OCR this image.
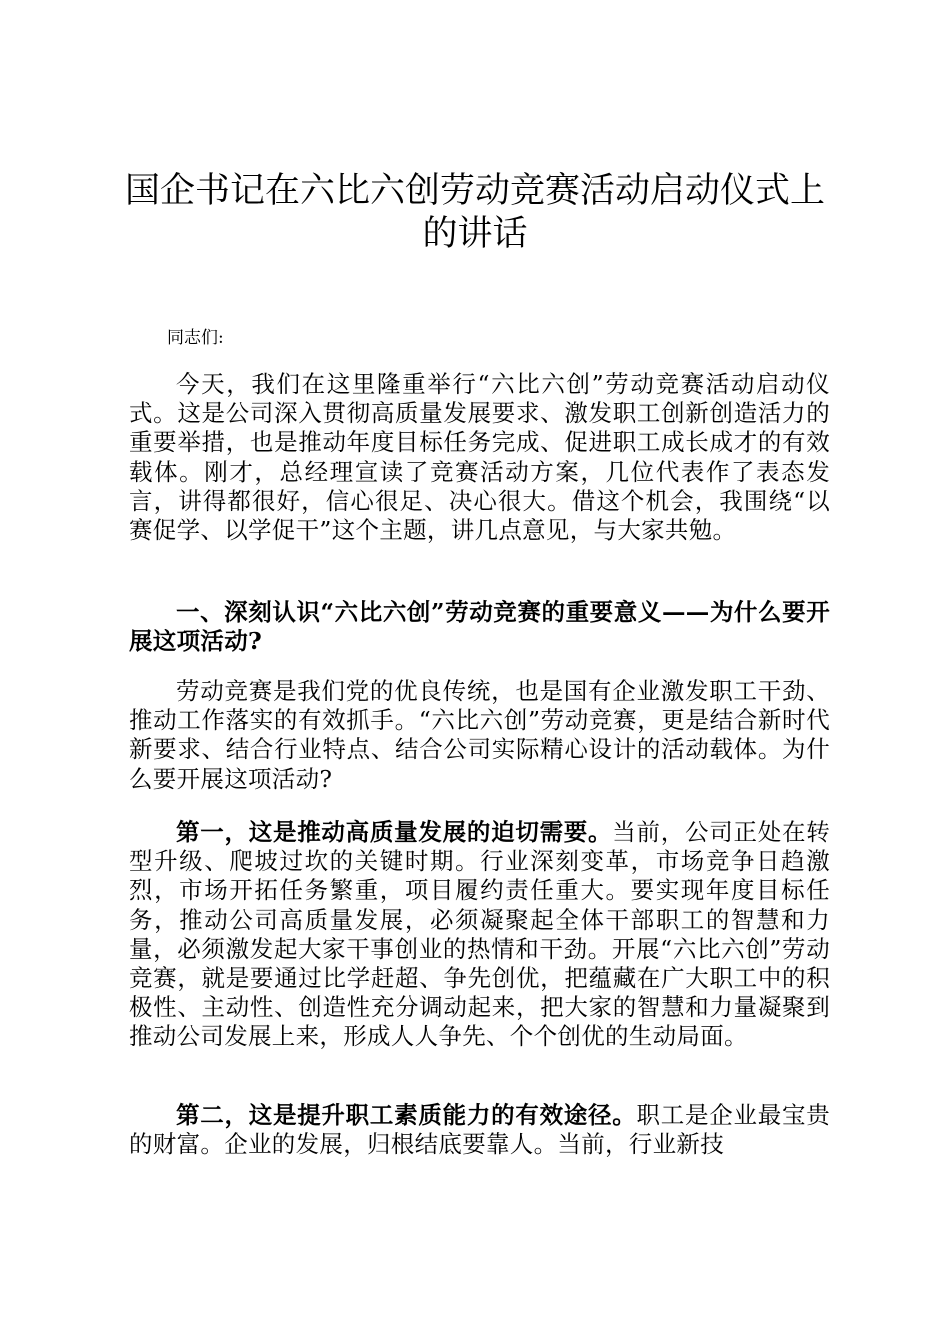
国企书记在六比六创劳动竞赛活动启动仪式上的讲话

同志们:

今天，我们在这里隆重举行“六比六创”劳动竞赛活动启动仪式。这是公司深入贯彻高质量发展要求、激发职工创新创造活力的重要举措，也是推动年度目标任务完成、促进职工成长成才的有效载体。刚才，总经理宣读了竞赛活动方案，几位代表作了表态发言，讲得都很好，信心很足、决心很大。借这个机会，我围绕“以赛促学、以学促干”这个主题，讲几点意见，与大家共勉。

一、深刻认识“六比六创”劳动竞赛的重要意义——为什么要开展这项活动?

劳动竞赛是我们党的优良传统，也是国有企业激发职工干劲、推动工作落实的有效抓手。“六比六创”劳动竞赛，更是结合新时代新要求、结合行业特点、结合公司实际精心设计的活动载体。为什么要开展这项活动?

第一，这是推动高质量发展的迫切需要。当前，公司正处在转型升级、爬坡过坎的关键时期。行业深刻变革，市场竞争日趋激烈，市场开拓任务繁重，项目履约责任重大。要实现年度目标任务，推动公司高质量发展，必须凝聚起全体干部职工的智慧和力量，必须激发起大家干事创业的热情和干劲。开展“六比六创”劳动竞赛，就是要通过比学赶超、争先创优，把蕴藏在广大职工中的积极性、主动性、创造性充分调动起来，把大家的智慧和力量凝聚到推动公司发展上来，形成人人争先、个个创优的生动局面。

第二，这是提升职工素质能力的有效途径。职工是企业最宝贵的财富。企业的发展，归根结底要靠人。当前，行业新技
